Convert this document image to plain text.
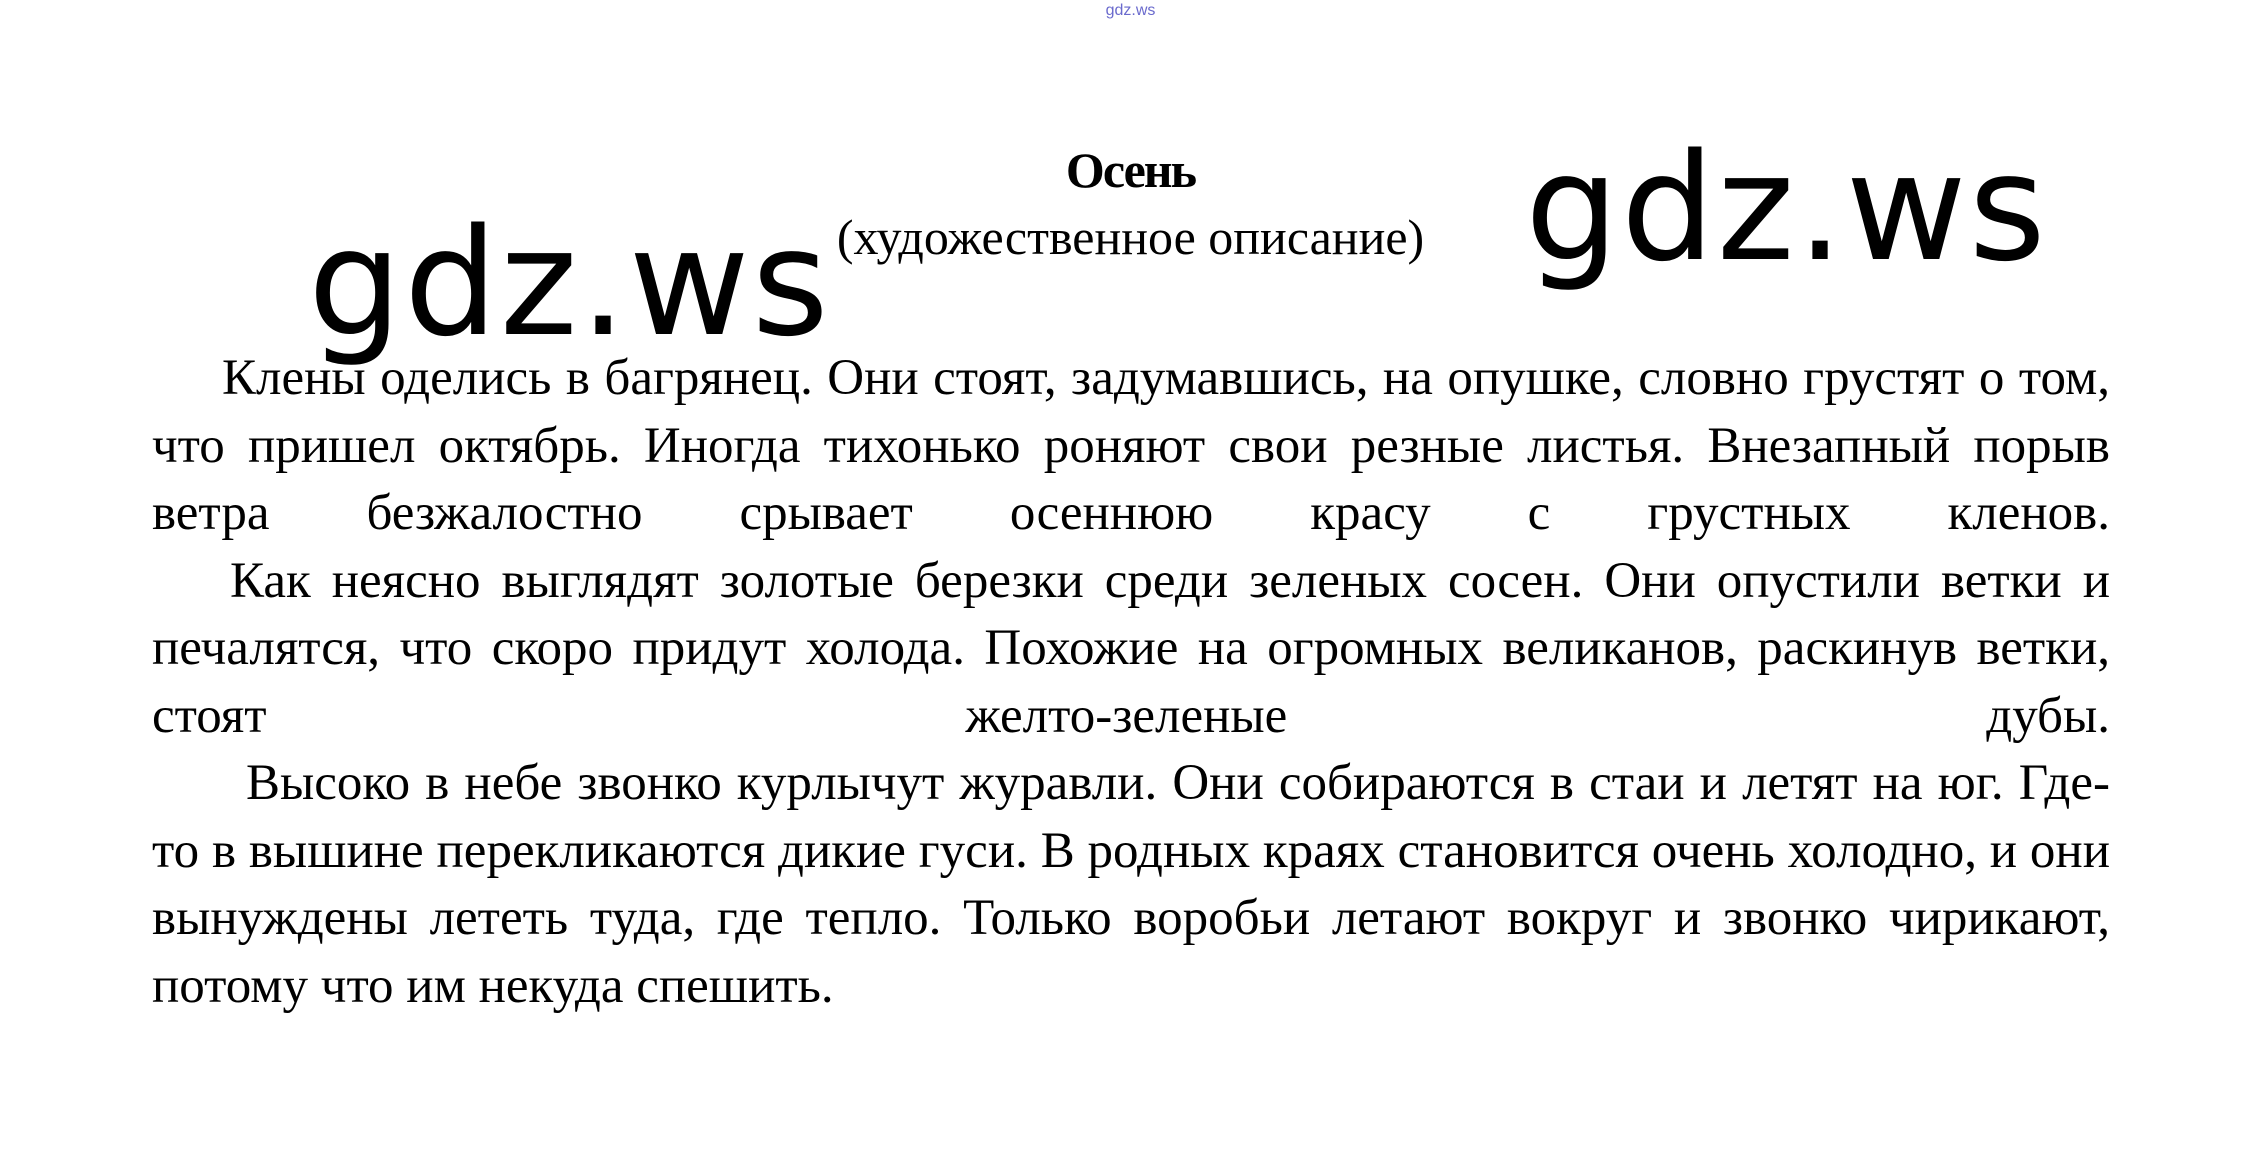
gdz.ws
Осень
(художественное описание)
gdz.ws	gdz.ws

Клены оделись в багрянец. Они стоят, задумавшись, на опушке, словно грустят о том, что пришел октябрь. Иногда тихонько роняют свои резные листья. Внезапный порыв ветра безжалостно срывает осеннюю красу с грустных кленов.

Как неясно выглядят золотые березки среди зеленых сосен. Они опустили ветки и печалятся, что скоро придут холода. Похожие на огромных великанов, раскинув ветки, стоят желто-зеленые дубы.

Высоко в небе звонко курлычут журавли. Они собираются в стаи и летят на юг. Где-то в вышине перекликаются дикие гуси. В родных краях становится очень холодно, и они вынуждены лететь туда, где тепло. Только воробьи летают вокруг и звонко чирикают, потому что им некуда спешить.
